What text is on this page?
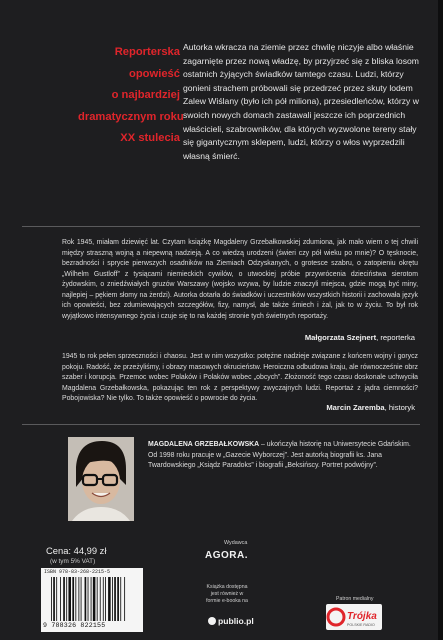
Reporterska
opowieść
o najbardziej
dramatycznym roku
XX stulecia
Autorka wkracza na ziemie przez chwilę niczyje albo właśnie zagarnięte przez nową władzę, by przyjrzeć się z bliska losom ostatnich żyjących świadków tamtego czasu. Ludzi, którzy gonieni strachem próbowali się przedrzeć przez skuty lodem Zalew Wiślany (było ich pół miliona), przesiedleńców, którzy w swoich nowych domach zastawali jeszcze ich poprzednich właścicieli, szabrowników, dla których wyzwolone tereny stały się gigantycznym sklepem, ludzi, którzy o włos wyprzedzili własną śmierć.
Rok 1945, miałam dziewięć lat. Czytam książkę Magdaleny Grzebałkowskiej zdumiona, jak mało wiem o tej chwili między straszną wojną a niepewną nadzieją. A co wiedzą urodzeni (świeri czy pół wieku po mnie)? O tęsknocie, bezradności i sprycie pierwszych osadników na Ziemiach Odzyskanych, o grotesce szabru, o zatopieniu okrętu „Wilhelm Gustloff” z tysiącami niemieckich cywilów, o utwockiej próbie przywrócenia dzieciństwa sierotom żydowskim, o zniedźwiałych gruzów Warszawy (wojsko wzywa, by ludzie znaczyli miejsca, gdzie mogą być miny, najlepiej – pękiem słomy na żerdzi). Autorka dotarła do świadków i uczestników wszystkich historii i zachowała język ich opowieści, bez zdumiewających szczegółów, fizy, namysł, ale także śmiech i żal, jak to w życiu. To był rok wyjątkowo intensywnego życia i czuje się to na każdej stronie tych świetnych reportaży.
Małgorzata Szejnert, reporterka
1945 to rok pełen sprzeczności i chaosu. Jest w nim wszystko: potężne nadzieje związane z końcem wojny i gorycz pokoju. Radość, że przeżyliśmy, i obrazy masowych okrucieństw. Heroiczna odbudowa kraju, ale równocześnie obrz szaber i korupcja. Przemoc wobec Polaków i Polaków wobec „obcych”. Złożoność tego czasu doskonale uchwyciła Magdalena Grzebałkowska, pokazując ten rok z perspektywy zwyczajnych ludzi. Reportaż z jądra ciemności? Pobojowiska? Nie tylko. To także opowieść o powrocie do życia.
Marcin Zaremba, historyk
MAGDALENA GRZEBAŁKOWSKA – ukończyła historię na Uniwersytecie Gdańskim. Od 1998 roku pracuje w „Gazecie Wyborczej”. Jest autorką biografii ks. Jana Twardowskiego „Ksiądz Paradoks” i biografii „Beksińscy. Portret podwójny”.
Cena: 44,99 zł
(w tym 5% VAT)
ISBN 978-83-268-2215-5
9 788326 822155
Wydawca
AGORA.
Książka dostępna jest również w formie e-booka na
publio.pl
Patron medialny
Trójka
POLSKIE RADIO
